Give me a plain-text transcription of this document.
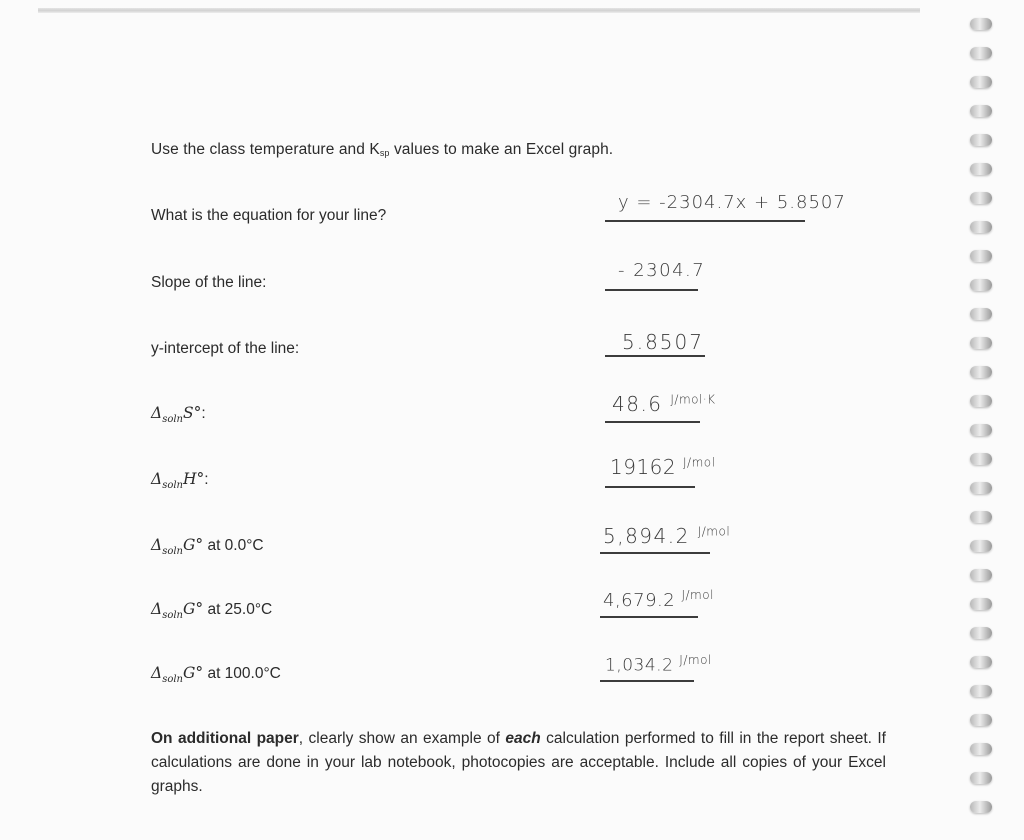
Use the class temperature and $K_{sp}$ values to make an Excel graph.
What is the equation for your line?
y = -2304.7x + 5.8507
Slope of the line:
- 2304.7
y-intercept of the line:	5.8507
$\Delta_{soln}S^\circ$:	48.6 $^{J/mol\cdot K}$
$\Delta_{soln}H^\circ$:
19162 $^{J/mol}$
$\Delta_{soln}G^\circ$ at 0.0°C	5,894.2 $^{J/mol}$
$\Delta_{soln}G^\circ$ at 25.0°C	4,679.2 $^{J/mol}$
$\Delta_{soln}G^\circ$ at 100.0°C	1,034.2 $^{J/mol}$
On additional paper, clearly show an example of each calculation performed to fill in the report sheet. If calculations are done in your lab notebook, photocopies are acceptable. Include all copies of your Excel graphs.
